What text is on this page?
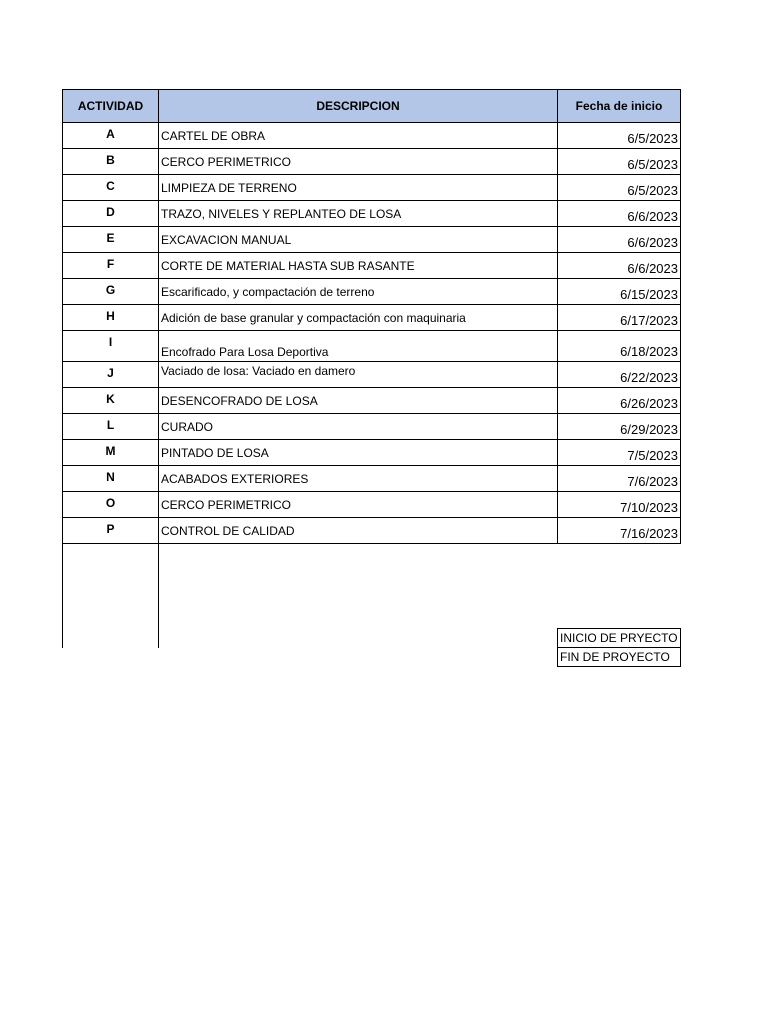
ACTIVIDAD	DESCRIPCION	Fecha de inicio
A	CARTEL DE OBRA	6/5/2023
B	CERCO PERIMETRICO	6/5/2023
C	LIMPIEZA DE TERRENO	6/5/2023
D	TRAZO, NIVELES Y REPLANTEO DE LOSA	6/6/2023
E	EXCAVACION MANUAL	6/6/2023
F	CORTE DE MATERIAL HASTA SUB RASANTE	6/6/2023
G	Escarificado, y compactación de terreno	6/15/2023
H	Adición de base granular y compactación con maquinaria	6/17/2023
I	Encofrado Para Losa Deportiva	6/18/2023
J	Vaciado de losa: Vaciado en damero	6/22/2023
K	DESENCOFRADO DE LOSA	6/26/2023
L	CURADO	6/29/2023
M	PINTADO DE LOSA	7/5/2023
N	ACABADOS EXTERIORES	7/6/2023
O	CERCO PERIMETRICO	7/10/2023
P	CONTROL DE CALIDAD	7/16/2023
INICIO DE PRYECTO
FIN DE PROYECTO
